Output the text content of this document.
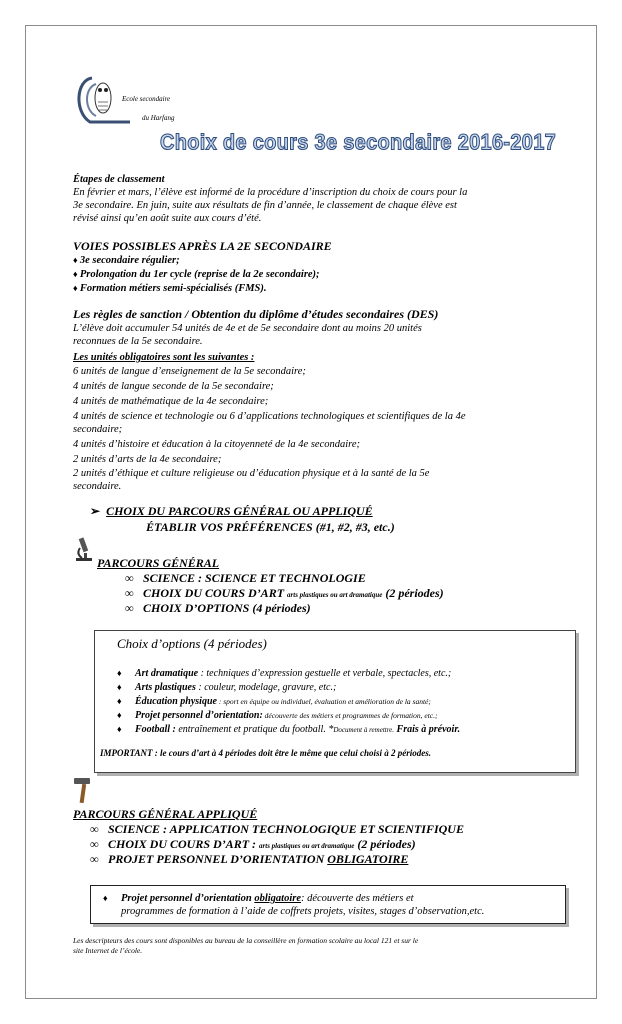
Ecole secondaire
du Harfang
Choix de cours 3e secondaire 2016-2017
Étapes de classement
En février et mars, l’élève est informé de la procédure d’inscription du choix de cours pour la
3e secondaire. En juin, suite aux résultats de fin d’année, le classement de chaque élève est
révisé ainsi qu’en août suite aux cours d’été.
VOIES POSSIBLES APRÈS LA 2E SECONDAIRE
♦ 3e secondaire régulier;
♦ Prolongation du 1er cycle (reprise de la 2e secondaire);
♦ Formation métiers semi-spécialisés (FMS).
Les règles de sanction / Obtention du diplôme d’études secondaires (DES)
L’élève doit accumuler 54 unités de 4e et de 5e secondaire dont au moins 20 unités
reconnues de la 5e secondaire.
Les unités obligatoires sont les suivantes :
6 unités de langue d’enseignement de la 5e secondaire;
4 unités de langue seconde de la 5e secondaire;
4 unités de mathématique de la 4e secondaire;
4 unités de science et technologie ou 6 d’applications technologiques et scientifiques de la 4e
secondaire;
4 unités d’histoire et éducation à la citoyenneté de la 4e secondaire;
2 unités d’arts de la 4e secondaire;
2 unités d’éthique et culture religieuse ou d’éducation physique et à la santé de la 5e
secondaire.
➢  CHOIX DU PARCOURS GÉNÉRAL OU APPLIQUÉ
ÉTABLIR VOS PRÉFÉRENCES (#1, #2, #3, etc.)
PARCOURS GÉNÉRAL
∞ SCIENCE : SCIENCE ET TECHNOLOGIE
∞ CHOIX DU COURS D’ART arts plastiques ou art dramatique (2 périodes)
∞ CHOIX D’OPTIONS (4 périodes)
Choix d’options (4 périodes)
♦ Art dramatique : techniques d’expression gestuelle et verbale, spectacles, etc.;
♦ Arts plastiques : couleur, modelage, gravure, etc.;
♦ Éducation physique : sport en équipe ou individuel, évaluation et amélioration de la santé;
♦ Projet personnel d’orientation: découverte des métiers et programmes de formation, etc.;
♦ Football : entraînement et pratique du football. *Document à remettre. Frais à prévoir.
IMPORTANT : le cours d’art à 4 périodes doit être le même que celui choisi à 2 périodes.
PARCOURS GÉNÉRAL APPLIQUÉ
∞ SCIENCE : APPLICATION TECHNOLOGIQUE ET SCIENTIFIQUE
∞ CHOIX DU COURS D’ART : arts plastiques ou art dramatique (2 périodes)
∞ PROJET PERSONNEL D’ORIENTATION OBLIGATOIRE
♦ Projet personnel d’orientation obligatoire: découverte des métiers et
programmes de formation à l’aide de coffrets projets, visites, stages d’observation,etc.
Les descripteurs des cours sont disponibles au bureau de la conseillère en formation scolaire au local 121 et sur le
site Internet de l’école.
